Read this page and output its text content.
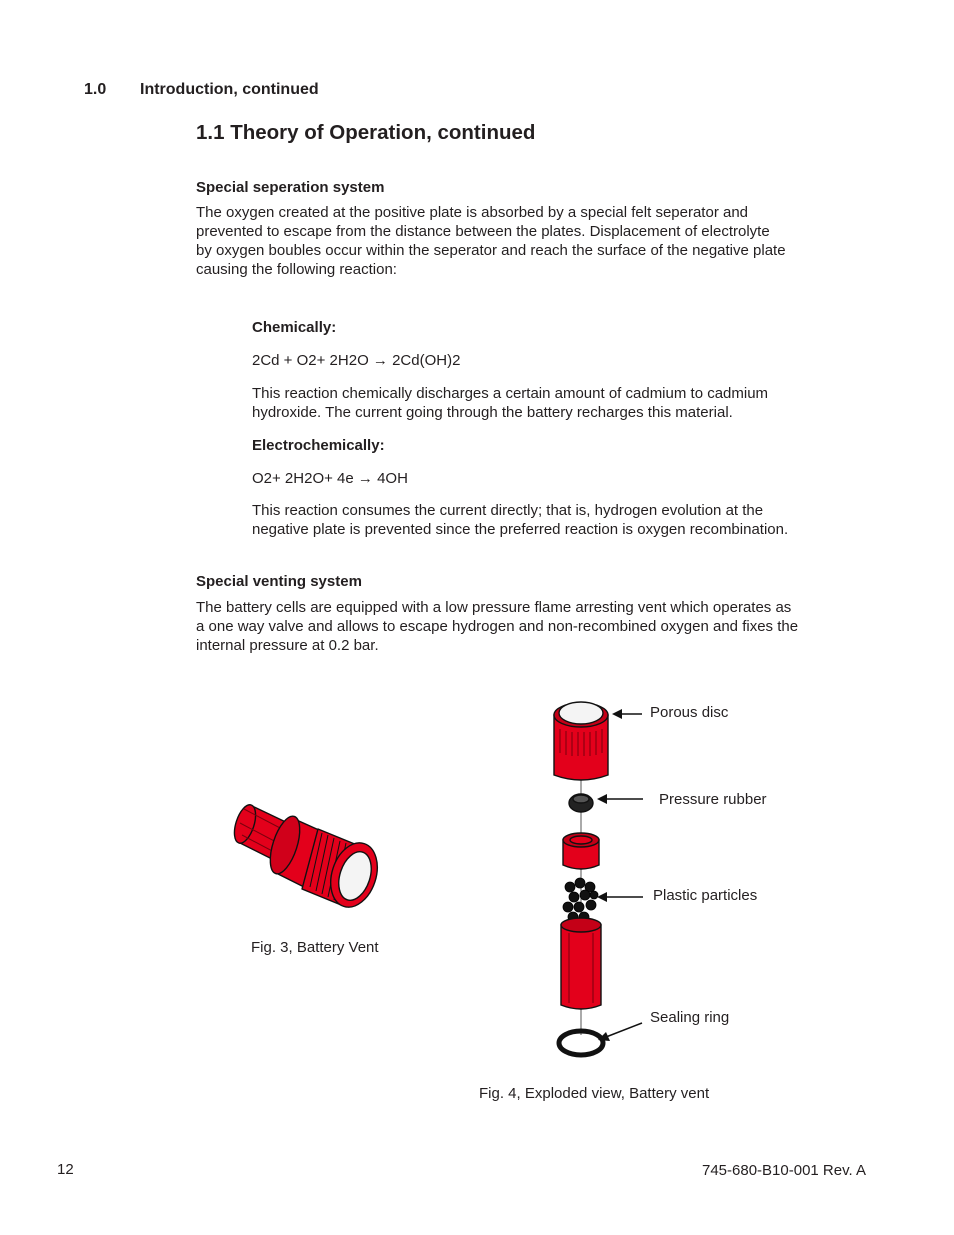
1.0 Introduction, continued
1.1 Theory of Operation, continued
Special seperation system
The oxygen created at the positive plate is absorbed by a special felt seperator and
prevented to escape from the distance between the plates. Displacement of electrolyte
by oxygen boubles occur within the seperator and reach the surface of the negative plate
causing the following reaction:
Chemically:
2Cd + O2+ 2H2O → 2Cd(OH)2
This reaction chemically discharges a certain amount of cadmium to cadmium
hydroxide. The current going through the battery recharges this material.
Electrochemically:
O2+ 2H2O+ 4e → 4OH
This reaction consumes the current directly; that is, hydrogen evolution at the
negative plate is prevented since the preferred reaction is oxygen recombination.
Special venting system
The battery cells are equipped with a low pressure flame arresting vent which operates as
a one way valve and allows to escape hydrogen and non-recombined oxygen and fixes the
internal pressure at 0.2 bar.
Fig. 3, Battery Vent
Porous disc
Pressure rubber
Plastic particles
Sealing ring
Fig. 4, Exploded view, Battery vent
12	745-680-B10-001 Rev. A
